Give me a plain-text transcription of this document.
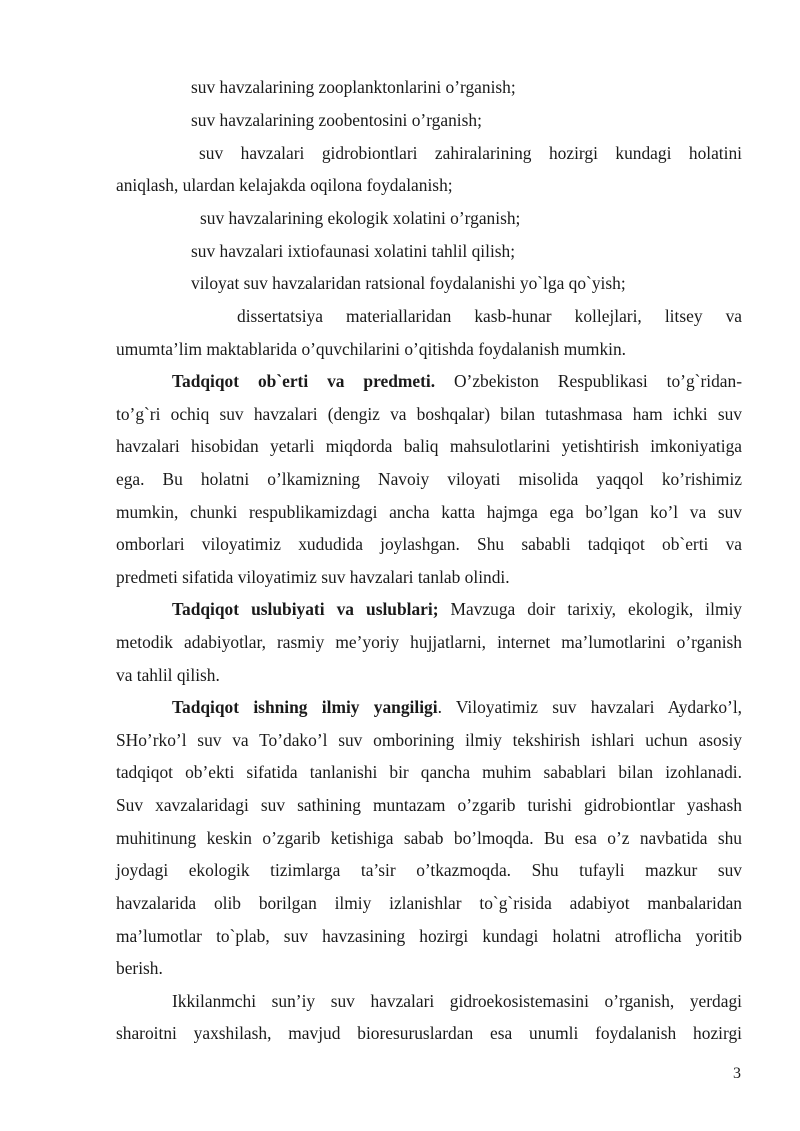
suv havzalarining zooplanktonlarini o’rganish;
suv havzalarining zoobentosini o’rganish;
suv havzalari gidrobiontlari zahiralarining hozirgi kundagi holatini
aniqlash, ulardan kelajakda oqilona foydalanish;
suv havzalarining ekologik xolatini o’rganish;
suv havzalari ixtiofaunasi xolatini tahlil qilish;
viloyat suv havzalaridan ratsional foydalanishi yo`lga qo`yish;
dissertatsiya materiallaridan kasb-hunar kollejlari, litsey va
umumta’lim maktablarida o’quvchilarini o’qitishda foydalanish mumkin.
Tadqiqot ob`erti va predmeti. O’zbekiston Respublikasi to’g`ridan-
to’g`ri ochiq suv havzalari (dengiz va boshqalar) bilan tutashmasa ham ichki suv
havzalari hisobidan yetarli miqdorda baliq mahsulotlarini yetishtirish imkoniyatiga
ega. Bu holatni o’lkamizning Navoiy viloyati misolida yaqqol ko’rishimiz
mumkin, chunki respublikamizdagi ancha katta hajmga ega bo’lgan ko’l va suv
omborlari viloyatimiz xududida joylashgan. Shu sababli tadqiqot ob`erti va
predmeti sifatida viloyatimiz suv havzalari tanlab olindi.
Tadqiqot uslubiyati va uslublari; Mavzuga doir tarixiy, ekologik, ilmiy
metodik adabiyotlar, rasmiy me’yoriy hujjatlarni, internet ma’lumotlarini o’rganish
va tahlil qilish.
Tadqiqot ishning ilmiy yangiligi. Viloyatimiz suv havzalari Aydarko’l,
SHo’rko’l suv va To’dako’l suv omborining ilmiy tekshirish ishlari uchun asosiy
tadqiqot ob’ekti sifatida tanlanishi bir qancha muhim sabablari bilan izohlanadi.
Suv xavzalaridagi suv sathining muntazam o’zgarib turishi gidrobiontlar yashash
muhitinung keskin o’zgarib ketishiga sabab bo’lmoqda. Bu esa o’z navbatida shu
joydagi ekologik tizimlarga ta’sir o’tkazmoqda. Shu tufayli mazkur suv
havzalarida olib borilgan ilmiy izlanishlar to`g`risida adabiyot manbalaridan
ma’lumotlar to`plab, suv havzasining hozirgi kundagi holatni atroflicha yoritib
berish.
Ikkilanmchi sun’iy suv havzalari gidroekosistemasini o’rganish, yerdagi
sharoitni yaxshilash, mavjud bioresuruslardan esa unumli foydalanish hozirgi
3
